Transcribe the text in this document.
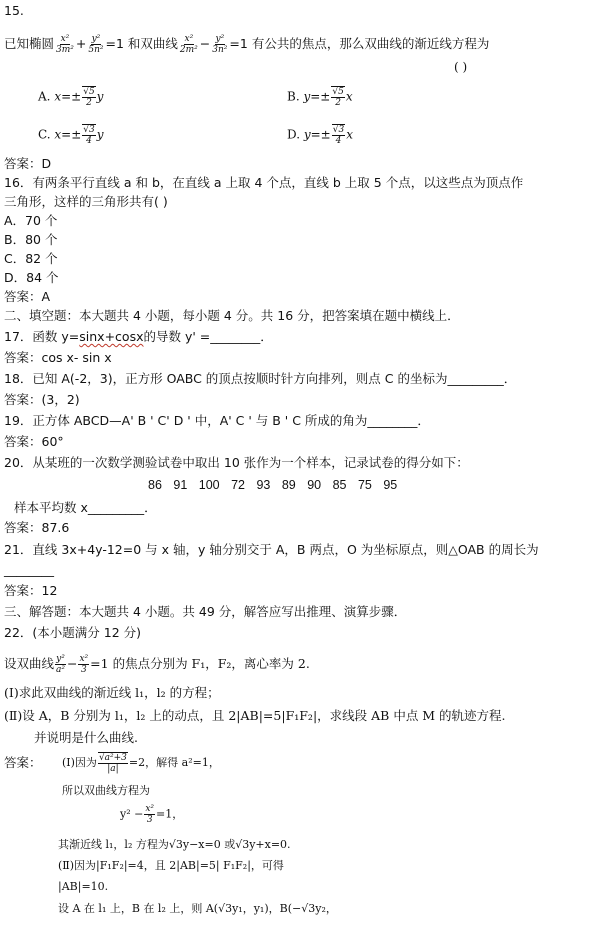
15.
已知椭圆 $\frac{\text{x²}}{\text{3m²}} + \frac{\text{y²}}{\text{5n²}} =1$ 和双曲线 $\frac{\text{x²}}{\text{2m²}} - \frac{\text{y²}}{\text{3n²}} =1$ 有公共的焦点，那么双曲线的渐近线方程为
( )
A. $x=\pm \frac{√5}{2}$ y	B. $y=\pm \frac{√5}{2}$ x
C. $x=\pm \frac{√3}{4}$ y	D. $y=\pm \frac{√3}{4}$ x
答案：D
16．有两条平行直线 a 和 b，在直线 a 上取 4 个点，直线 b 上取 5 个点，以这些点为顶点作
三角形，这样的三角形共有( )
A．70 个
B．80 个
C．82 个
D．84 个
答案：A
二、填空题：本大题共 4 小题，每小题 4 分。共 16 分，把答案填在题中横线上．
17．函数 y=sinx+cosx的导数 y' =________．
答案：cos x- sin x
18．已知 A(-2，3)，正方形 OABC 的顶点按顺时针方向排列，则点 C 的坐标为_________．
答案：(3，2)
19．正方体 ABCD—A' B ' C' D ' 中，A' C ' 与 B ' C 所成的角为________．
答案：60°
20．从某班的一次数学测验试卷中取出 10 张作为一个样本，记录试卷的得分如下：
86 91 100 72 93 89 90 85 75 95
样本平均数 x_________．
答案：87.6
21．直线 3x+4y-12=0 与 x 轴，y 轴分别交于 A，B 两点，O 为坐标原点，则△OAB 的周长为
________
答案：12
三、解答题：本大题共 4 小题。共 49 分，解答应写出推理、演算步骤．
22．(本小题满分 12 分)
设双曲线 $\frac{\text{y²}}{\text{a²}} - \frac{\text{x²}}{3} =1$ 的焦点分别为 F₁，F₂，离心率为 2.
(Ⅰ)求此双曲线的渐近线 l₁，l₂ 的方程；
(Ⅱ)设 A，B 分别为 l₁，l₂ 上的动点，且 2|AB|=5|F₁F₂|，求线段 AB 中点 M 的轨迹方程.
并说明是什么曲线.
答案： (Ⅰ)因为 $\frac{\text{√a²+3}}{|a|} =2$，解得 a²=1，
所以双曲线方程为
$y^2 - \frac{\text{x²}}{3} =1$，
其渐近线 l₁，l₂ 方程为√3y−x=0 或√3y+x=0.
(Ⅱ)因为|F₁F₂|=4，且 2|AB|=5| F₁F₂|，可得
|AB|=10.
设 A 在 l₁ 上，B 在 l₂ 上，则 A(√3y₁，y₁)，B(−√3y₂，
